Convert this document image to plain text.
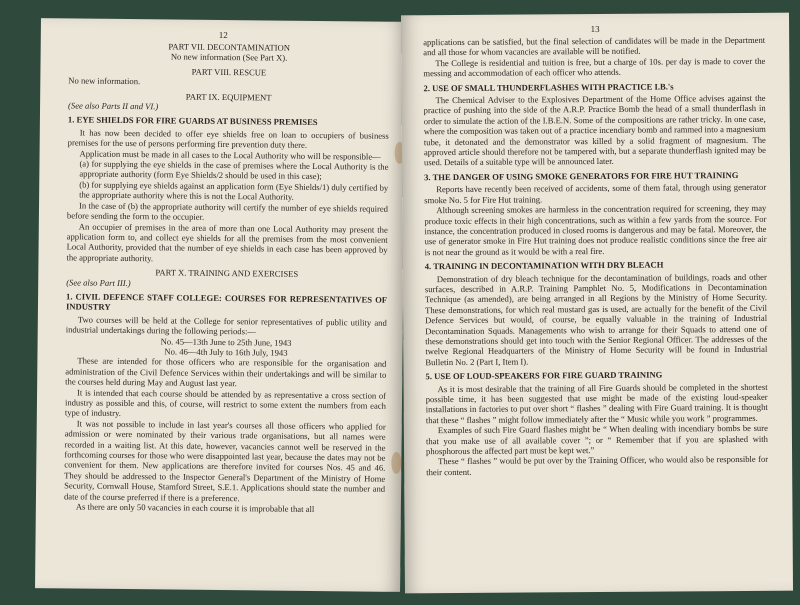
12

PART VII. DECONTAMINATION

No new information (See Part X).

PART VIII. RESCUE

No new information.

PART IX. EQUIPMENT

(See also Parts II and VI.)

1. EYE SHIELDS FOR FIRE GUARDS AT BUSINESS PREMISES

It has now been decided to offer eye shields free on loan to occupiers of business premises for the use of persons performing fire prevention duty there.

Application must be made in all cases to the Local Authority who will be responsible—

(a) for supplying the eye shields in the case of premises where the Local Authority is the appropriate authority (form Eye Shields/2 should be used in this case);

(b) for supplying eye shields against an application form (Eye Shields/1) duly certified by the appropriate authority where this is not the Local Authority.

In the case of (b) the appropriate authority will certify the number of eye shields required before sending the form to the occupier.

An occupier of premises in the area of more than one Local Authority may present the application form to, and collect eye shields for all the premises from the most convenient Local Authority, provided that the number of eye shields in each case has been approved by the appropriate authority.

PART X. TRAINING AND EXERCISES

(See also Part III.)

1. CIVIL DEFENCE STAFF COLLEGE: COURSES FOR REPRESENTATIVES OF INDUSTRY

Two courses will be held at the College for senior representatives of public utility and industrial undertakings during the following periods:—

No. 45—13th June to 25th June, 1943

No. 46—4th July to 16th July, 1943

These are intended for those officers who are responsible for the organisation and administration of the Civil Defence Services within their undertakings and will be similar to the courses held during May and August last year.

It is intended that each course should be attended by as representative a cross section of industry as possible and this, of course, will restrict to some extent the numbers from each type of industry.

It was not possible to include in last year's courses all those officers who applied for admission or were nominated by their various trade organisations, but all names were recorded in a waiting list. At this date, however, vacancies cannot well be reserved in the forthcoming courses for those who were disappointed last year, because the dates may not be convenient for them. New applications are therefore invited for courses Nos. 45 and 46. They should be addressed to the Inspector General's Department of the Ministry of Home Security, Cornwall House, Stamford Street, S.E.1. Applications should state the number and date of the course preferred if there is a preference.

As there are only 50 vacancies in each course it is improbable that all

13

applications can be satisfied, but the final selection of candidates will be made in the Department and all those for whom vacancies are available will be notified.

The College is residential and tuition is free, but a charge of 10s. per day is made to cover the messing and accommodation of each officer who attends.

2. USE OF SMALL THUNDERFLASHES WITH PRACTICE I.B.'s

The Chemical Adviser to the Explosives Department of the Home Office advises against the practice of pushing into the side of the A.R.P. Practice Bomb the head of a small thunderflash in order to simulate the action of the I.B.E.N. Some of the compositions are rather tricky. In one case, where the composition was taken out of a practice incendiary bomb and rammed into a magnesium tube, it detonated and the demonstrator was killed by a solid fragment of magnesium. The approved article should therefore not be tampered with, but a separate thunderflash ignited may be used. Details of a suitable type will be announced later.

3. THE DANGER OF USING SMOKE GENERATORS FOR FIRE HUT TRAINING

Reports have recently been received of accidents, some of them fatal, through using generator smoke No. 5 for Fire Hut training.

Although screening smokes are harmless in the concentration required for screening, they may produce toxic effects in their high concentrations, such as within a few yards from the source. For instance, the concentration produced in closed rooms is dangerous and may be fatal. Moreover, the use of generator smoke in Fire Hut training does not produce realistic conditions since the free air is not near the ground as it would be with a real fire.

4. TRAINING IN DECONTAMINATION WITH DRY BLEACH

Demonstration of dry bleach technique for the decontamination of buildings, roads and other surfaces, described in A.R.P. Training Pamphlet No. 5, Modifications in Decontamination Technique (as amended), are being arranged in all Regions by the Ministry of Home Security. These demonstrations, for which real mustard gas is used, are actually for the benefit of the Civil Defence Services but would, of course, be equally valuable in the training of Industrial Decontamination Squads. Managements who wish to arrange for their Squads to attend one of these demonstrations should get into touch with the Senior Regional Officer. The addresses of the twelve Regional Headquarters of the Ministry of Home Security will be found in Industrial Bulletin No. 2 (Part I, Item I).

5. USE OF LOUD-SPEAKERS FOR FIRE GUARD TRAINING

As it is most desirable that the training of all Fire Guards should be completed in the shortest possible time, it has been suggested that use might be made of the existing loud-speaker installations in factories to put over short “ flashes ” dealing with Fire Guard training. It is thought that these “ flashes ” might follow immediately after the “ Music while you work ” programmes.

Examples of such Fire Guard flashes might be “ When dealing with incendiary bombs be sure that you make use of all available cover ”; or “ Remember that if you are splashed with phosphorous the affected part must be kept wet.”

These “ flashes ” would be put over by the Training Officer, who would also be responsible for their content.
